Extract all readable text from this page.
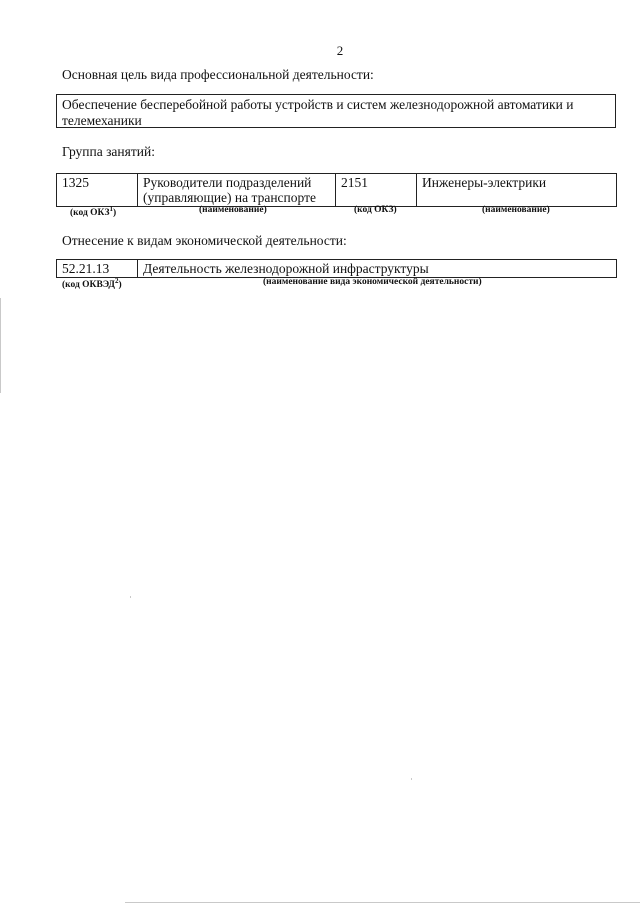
2
Основная цель вида профессиональной деятельности:
Обеспечение бесперебойной работы устройств и систем железнодорожной автоматики и телемеханики
Группа занятий:
1325	Руководители подразделений (управляющие) на транспорте	2151	Инженеры-электрики
(код ОКЗ$^1$)	(наименование)	(код ОКЗ)	(наименование)
Отнесение к видам экономической деятельности:
52.21.13	Деятельность железнодорожной инфраструктуры
(код ОКВЭД$^2$)	(наименование вида экономической деятельности)
